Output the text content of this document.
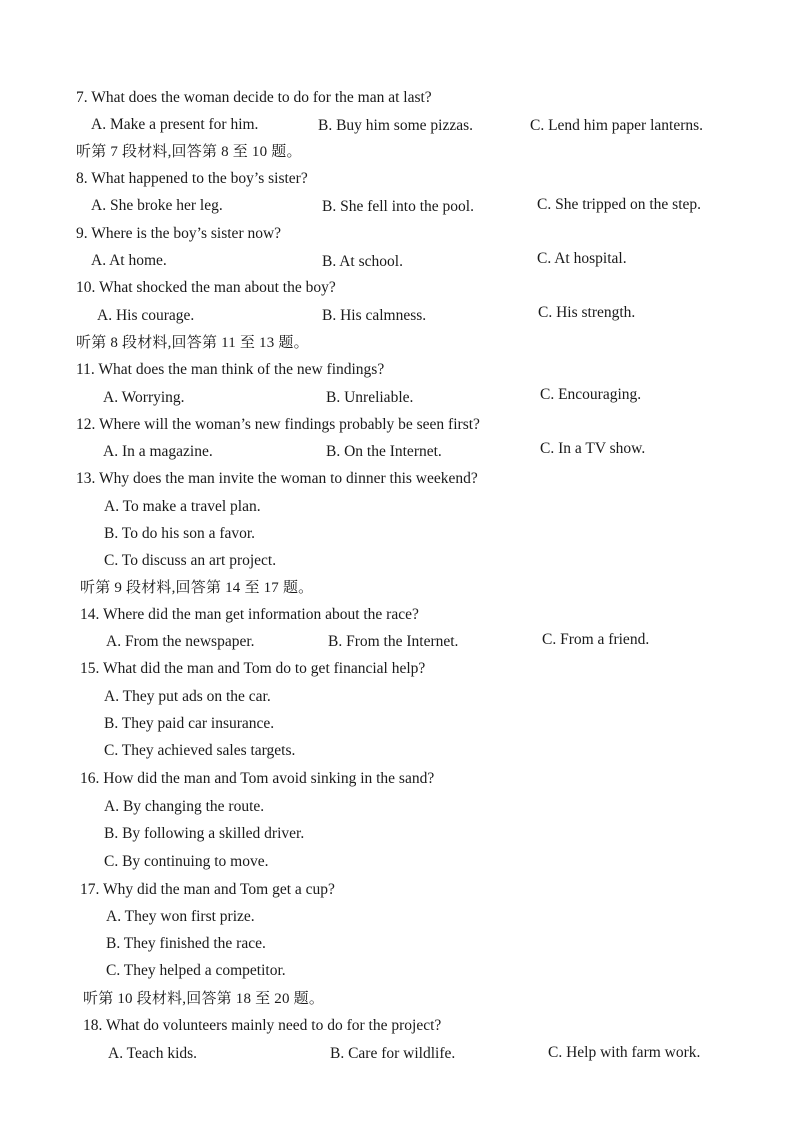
7. What does the woman decide to do for the man at last?
A. Make a present for him.	B. Buy him some pizzas.	C. Lend him paper lanterns.
听第 7 段材料,回答第 8 至 10 题。
8. What happened to the boy’s sister?
A. She broke her leg.	B. She fell into the pool.	C. She tripped on the step.
9. Where is the boy’s sister now?
A. At home.	B. At school.	C. At hospital.
10. What shocked the man about the boy?
A. His courage.	B. His calmness.	C. His strength.
听第 8 段材料,回答第 11 至 13 题。
11. What does the man think of the new findings?
A. Worrying.	B. Unreliable.	C. Encouraging.
12. Where will the woman’s new findings probably be seen first?
A. In a magazine.	B. On the Internet.	C. In a TV show.
13. Why does the man invite the woman to dinner this weekend?
A. To make a travel plan.
B. To do his son a favor.
C. To discuss an art project.
听第 9 段材料,回答第 14 至 17 题。
14. Where did the man get information about the race?
A. From the newspaper.	B. From the Internet.	C. From a friend.
15. What did the man and Tom do to get financial help?
A. They put ads on the car.
B. They paid car insurance.
C. They achieved sales targets.
16. How did the man and Tom avoid sinking in the sand?
A. By changing the route.
B. By following a skilled driver.
C. By continuing to move.
17. Why did the man and Tom get a cup?
A. They won first prize.
B. They finished the race.
C. They helped a competitor.
听第 10 段材料,回答第 18 至 20 题。
18. What do volunteers mainly need to do for the project?
A. Teach kids.	B. Care for wildlife.	C. Help with farm work.
